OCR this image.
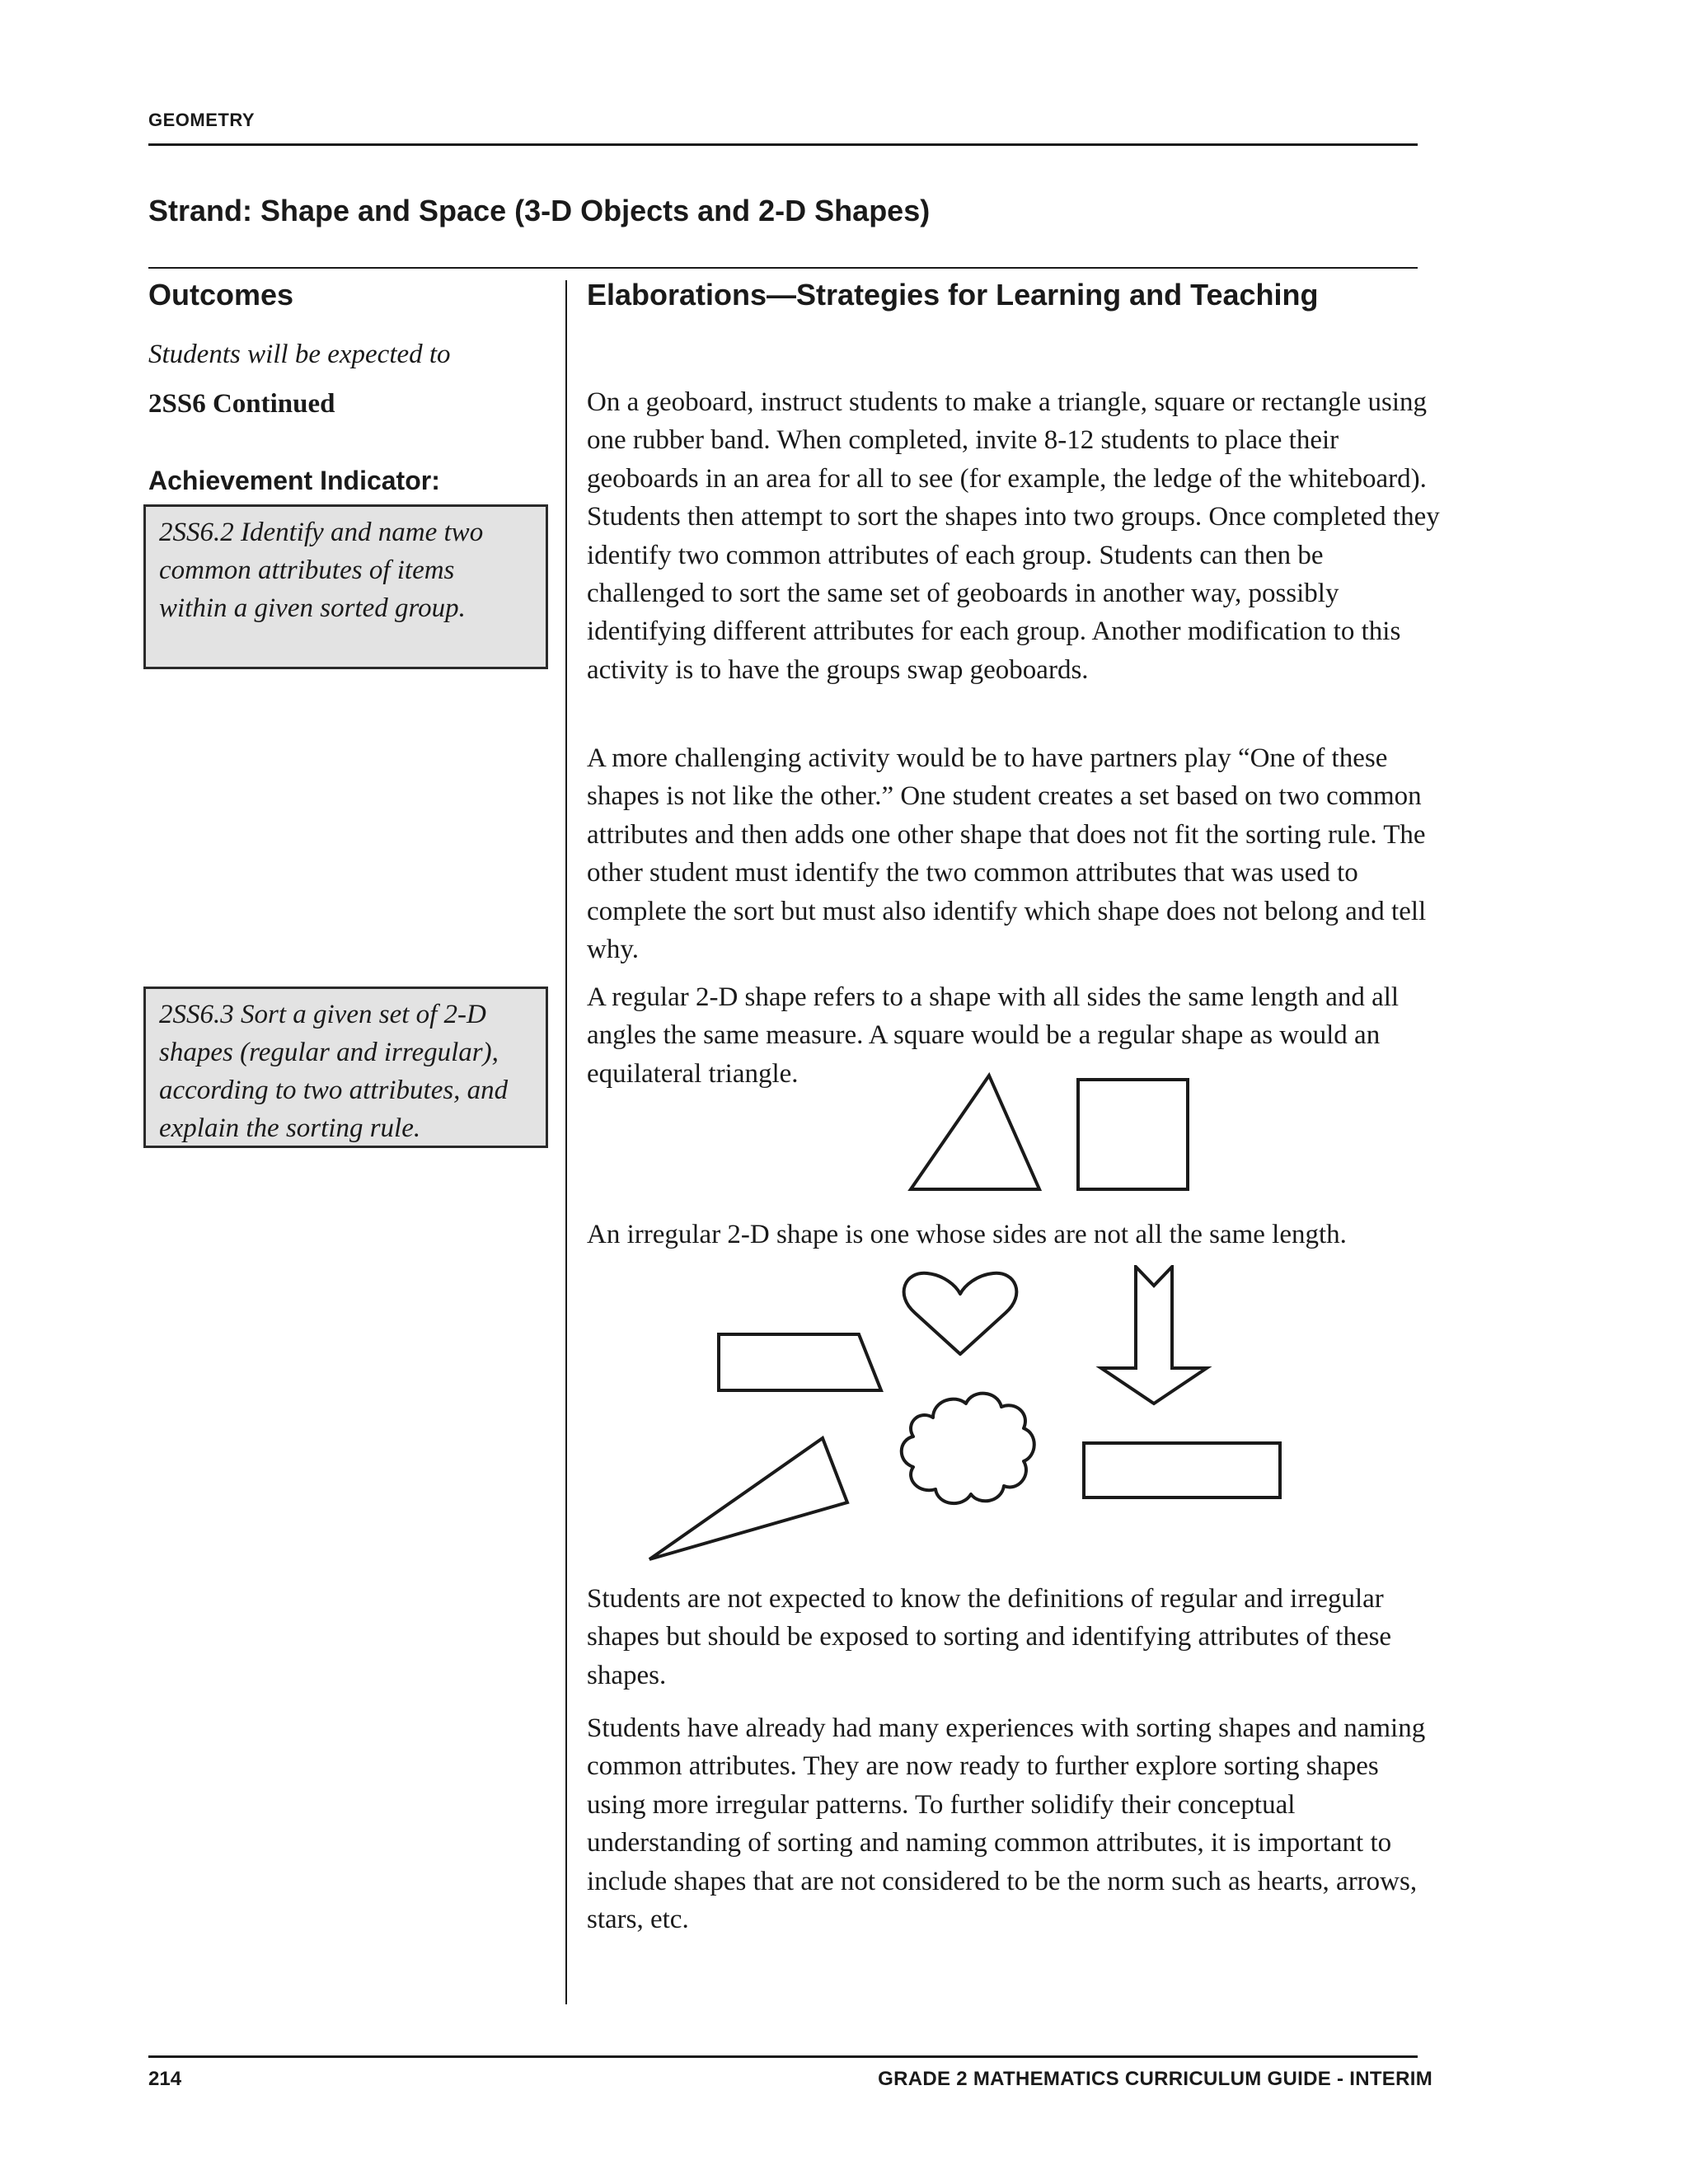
GEOMETRY
Strand: Shape and Space (3-D Objects and 2-D Shapes)
Outcomes
Students will be expected to
2SS6 Continued
Achievement Indicator:
2SS6.2 Identify and name two
common attributes of items
within a given sorted group.
2SS6.3 Sort a given set of 2-D
shapes (regular and irregular),
according to two attributes, and
explain the sorting rule.
Elaborations—Strategies for Learning and Teaching
On a geoboard, instruct students to make a triangle, square or rectangle using one rubber band. When completed, invite 8-12 students to place their geoboards in an area for all to see (for example, the ledge of the whiteboard). Students then attempt to sort the shapes into two groups. Once completed they identify two common attributes of each group. Students can then be challenged to sort the same set of geoboards in another way, possibly identifying different attributes for each group. Another modification to this activity is to have the groups swap geoboards.
A more challenging activity would be to have partners play “One of these shapes is not like the other.” One student creates a set based on two common attributes and then adds one other shape that does not fit the sorting rule. The other student must identify the two common attributes that was used to complete the sort but must also identify which shape does not belong and tell why.
A regular 2-D shape refers to a shape with all sides the same length and all angles the same measure. A square would be a regular shape as would an equilateral triangle.
An irregular 2-D shape is one whose sides are not all the same length.
Students are not expected to know the definitions of regular and irregular shapes but should be exposed to sorting and identifying attributes of these shapes.
Students have already had many experiences with sorting shapes and naming common attributes. They are now ready to further explore sorting shapes using more irregular patterns. To further solidify their conceptual understanding of sorting and naming common attributes, it is important to include shapes that are not considered to be the norm such as hearts, arrows, stars, etc.
214	GRADE 2 MATHEMATICS CURRICULUM GUIDE - INTERIM
